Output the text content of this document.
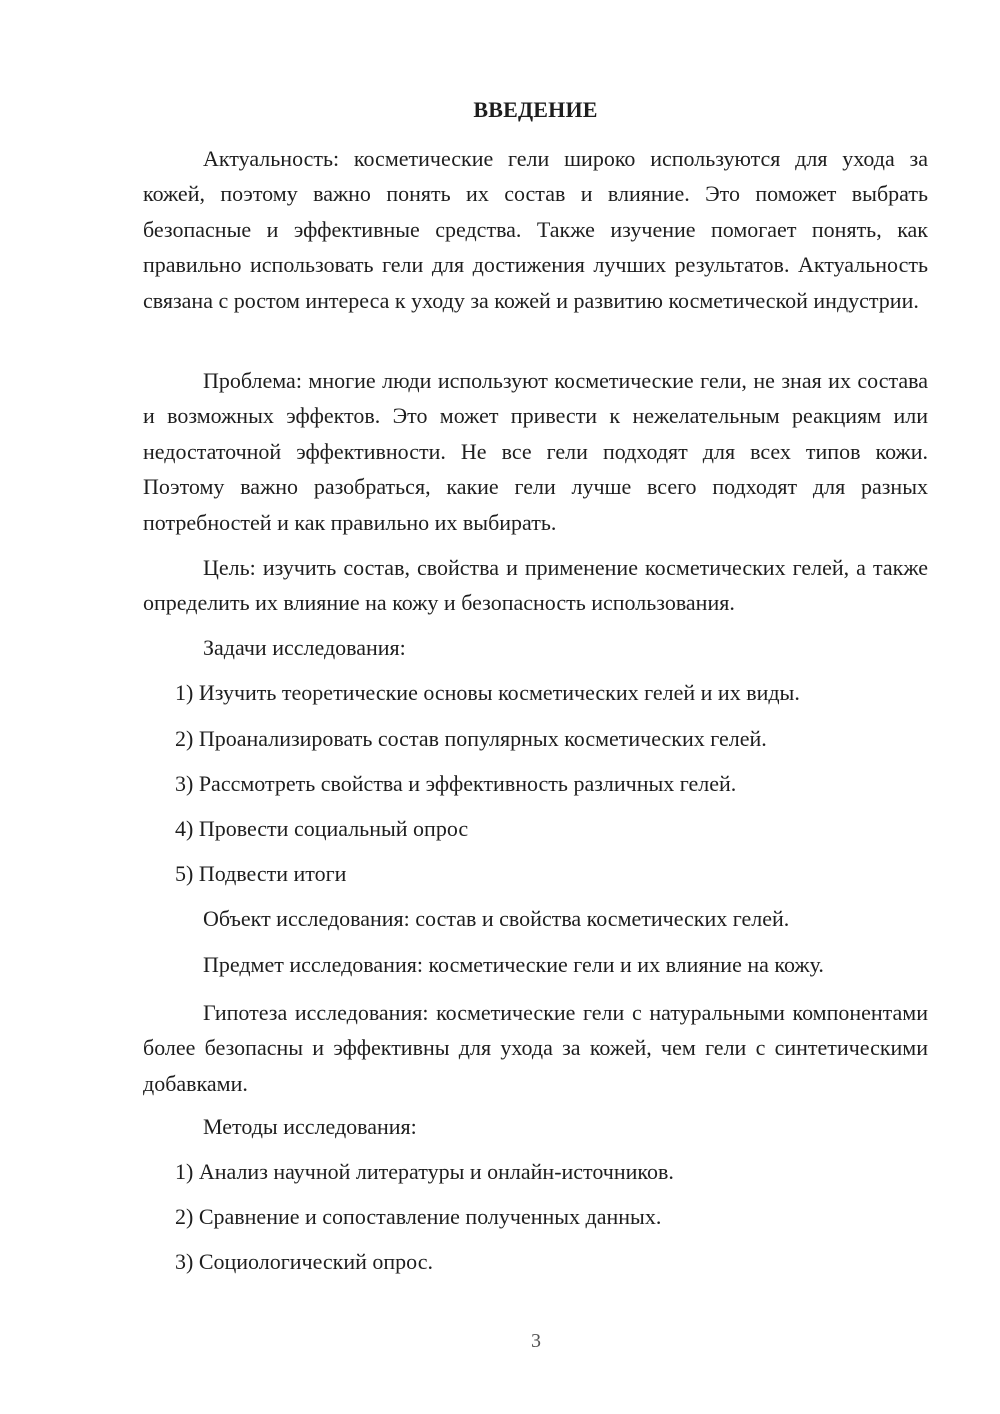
ВВЕДЕНИЕ

Актуальность: косметические гели широко используются для ухода за кожей, поэтому важно понять их состав и влияние. Это поможет выбрать безопасные и эффективные средства. Также изучение помогает понять, как правильно использовать гели для достижения лучших результатов. Актуальность связана с ростом интереса к уходу за кожей и развитию косметической индустрии.

Проблема: многие люди используют косметические гели, не зная их состава и возможных эффектов. Это может привести к нежелательным реакциям или недостаточной эффективности. Не все гели подходят для всех типов кожи. Поэтому важно разобраться, какие гели лучше всего подходят для разных потребностей и как правильно их выбирать.

Цель: изучить состав, свойства и применение косметических гелей, а также определить их влияние на кожу и безопасность использования.

Задачи исследования:
1) Изучить теоретические основы косметических гелей и их виды.
2) Проанализировать состав популярных косметических гелей.
3) Рассмотреть свойства и эффективность различных гелей.
4) Провести социальный опрос
5) Подвести итоги
Объект исследования: состав и свойства косметических гелей.
Предмет исследования: косметические гели и их влияние на кожу.

Гипотеза исследования: косметические гели с натуральными компонентами более безопасны и эффективны для ухода за кожей, чем гели с синтетическими добавками.

Методы исследования:
1) Анализ научной литературы и онлайн-источников.
2) Сравнение и сопоставление полученных данных.
3) Социологический опрос.
3
